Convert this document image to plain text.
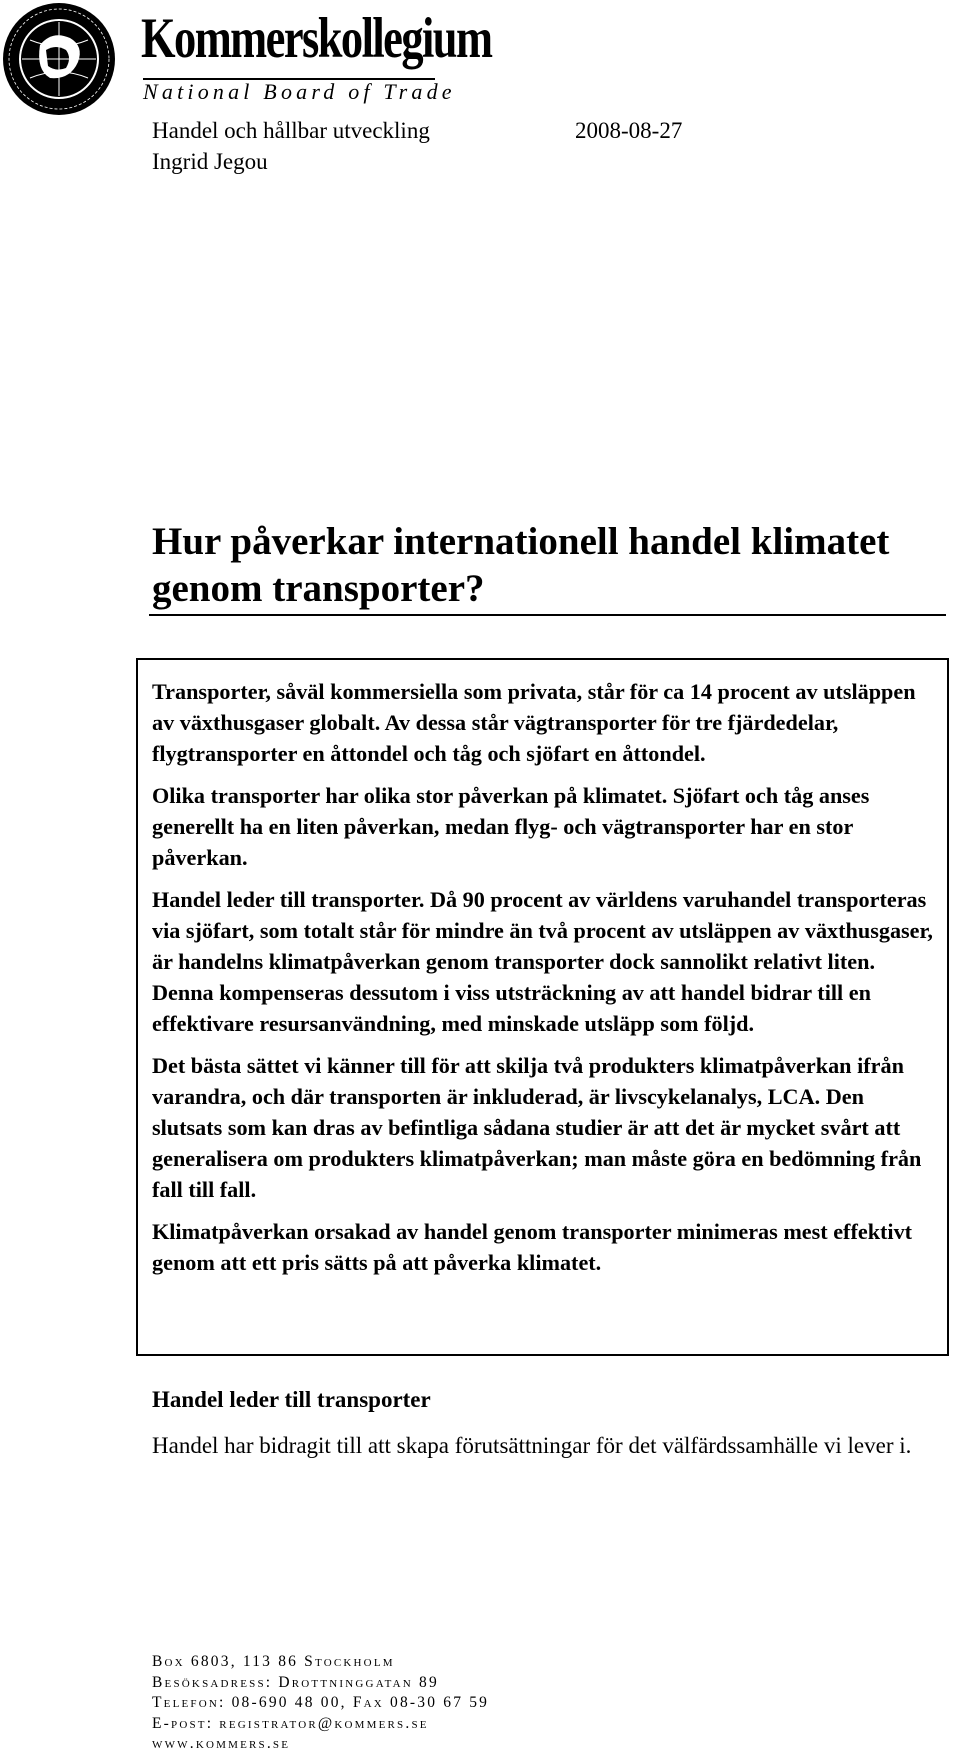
Kommerskollegium
National Board of Trade
Handel och hållbar utveckling	2008-08-27
Ingrid Jegou
Hur påverkar internationell handel klimatet genom transporter?

Transporter, såväl kommersiella som privata, står för ca 14 procent av utsläppen av växthusgaser globalt. Av dessa står vägtransporter för tre fjärdedelar, flygtransporter en åttondel och tåg och sjöfart en åttondel.

Olika transporter har olika stor påverkan på klimatet. Sjöfart och tåg anses generellt ha en liten påverkan, medan flyg- och vägtransporter har en stor påverkan.

Handel leder till transporter. Då 90 procent av världens varuhandel transporteras via sjöfart, som totalt står för mindre än två procent av utsläppen av växthusgaser, är handelns klimatpåverkan genom transporter dock sannolikt relativt liten. Denna kompenseras dessutom i viss utsträckning av att handel bidrar till en effektivare resursanvändning, med minskade utsläpp som följd.

Det bästa sättet vi känner till för att skilja två produkters klimatpåverkan ifrån varandra, och där transporten är inkluderad, är livscykelanalys, LCA. Den slutsats som kan dras av befintliga sådana studier är att det är mycket svårt att generalisera om produkters klimatpåverkan; man måste göra en bedömning från fall till fall.

Klimatpåverkan orsakad av handel genom transporter minimeras mest effektivt genom att ett pris sätts på att påverka klimatet.

Handel leder till transporter

Handel har bidragit till att skapa förutsättningar för det välfärdssamhälle vi lever i.

Box 6803, 113 86 Stockholm
Besöksadress: Drottninggatan 89
Telefon: 08-690 48 00, Fax 08-30 67 59
E-post: registrator@kommers.se
www.kommers.se
